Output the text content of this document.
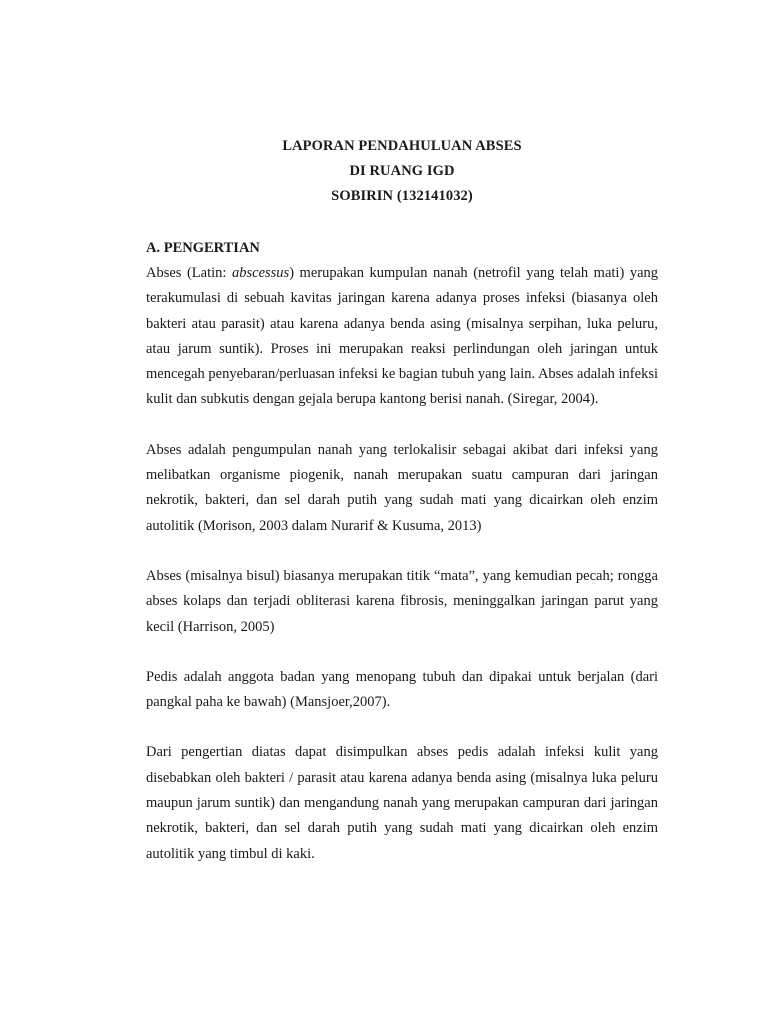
LAPORAN PENDAHULUAN ABSES
DI RUANG IGD
SOBIRIN (132141032)
A. PENGERTIAN

Abses (Latin: abscessus) merupakan kumpulan nanah (netrofil yang telah mati) yang terakumulasi di sebuah kavitas jaringan karena adanya proses infeksi (biasanya oleh bakteri atau parasit) atau karena adanya benda asing (misalnya serpihan, luka peluru, atau jarum suntik). Proses ini merupakan reaksi perlindungan oleh jaringan untuk mencegah penyebaran/perluasan infeksi ke bagian tubuh yang lain. Abses adalah infeksi kulit dan subkutis dengan gejala berupa kantong berisi nanah. (Siregar, 2004).

Abses adalah pengumpulan nanah yang terlokalisir sebagai akibat dari infeksi yang melibatkan organisme piogenik, nanah merupakan suatu campuran dari jaringan nekrotik, bakteri, dan sel darah putih yang sudah mati yang dicairkan oleh enzim autolitik (Morison, 2003 dalam Nurarif & Kusuma, 2013)

Abses (misalnya bisul) biasanya merupakan titik “mata”, yang kemudian pecah; rongga abses kolaps dan terjadi obliterasi karena fibrosis, meninggalkan jaringan parut yang kecil (Harrison, 2005)

Pedis adalah anggota badan yang menopang tubuh dan dipakai untuk berjalan (dari pangkal paha ke bawah) (Mansjoer,2007).

Dari pengertian diatas dapat disimpulkan abses pedis adalah infeksi kulit yang disebabkan oleh bakteri / parasit atau karena adanya benda asing (misalnya luka peluru maupun jarum suntik) dan mengandung nanah yang merupakan campuran dari jaringan nekrotik, bakteri, dan sel darah putih yang sudah mati yang dicairkan oleh enzim autolitik yang timbul di kaki.
